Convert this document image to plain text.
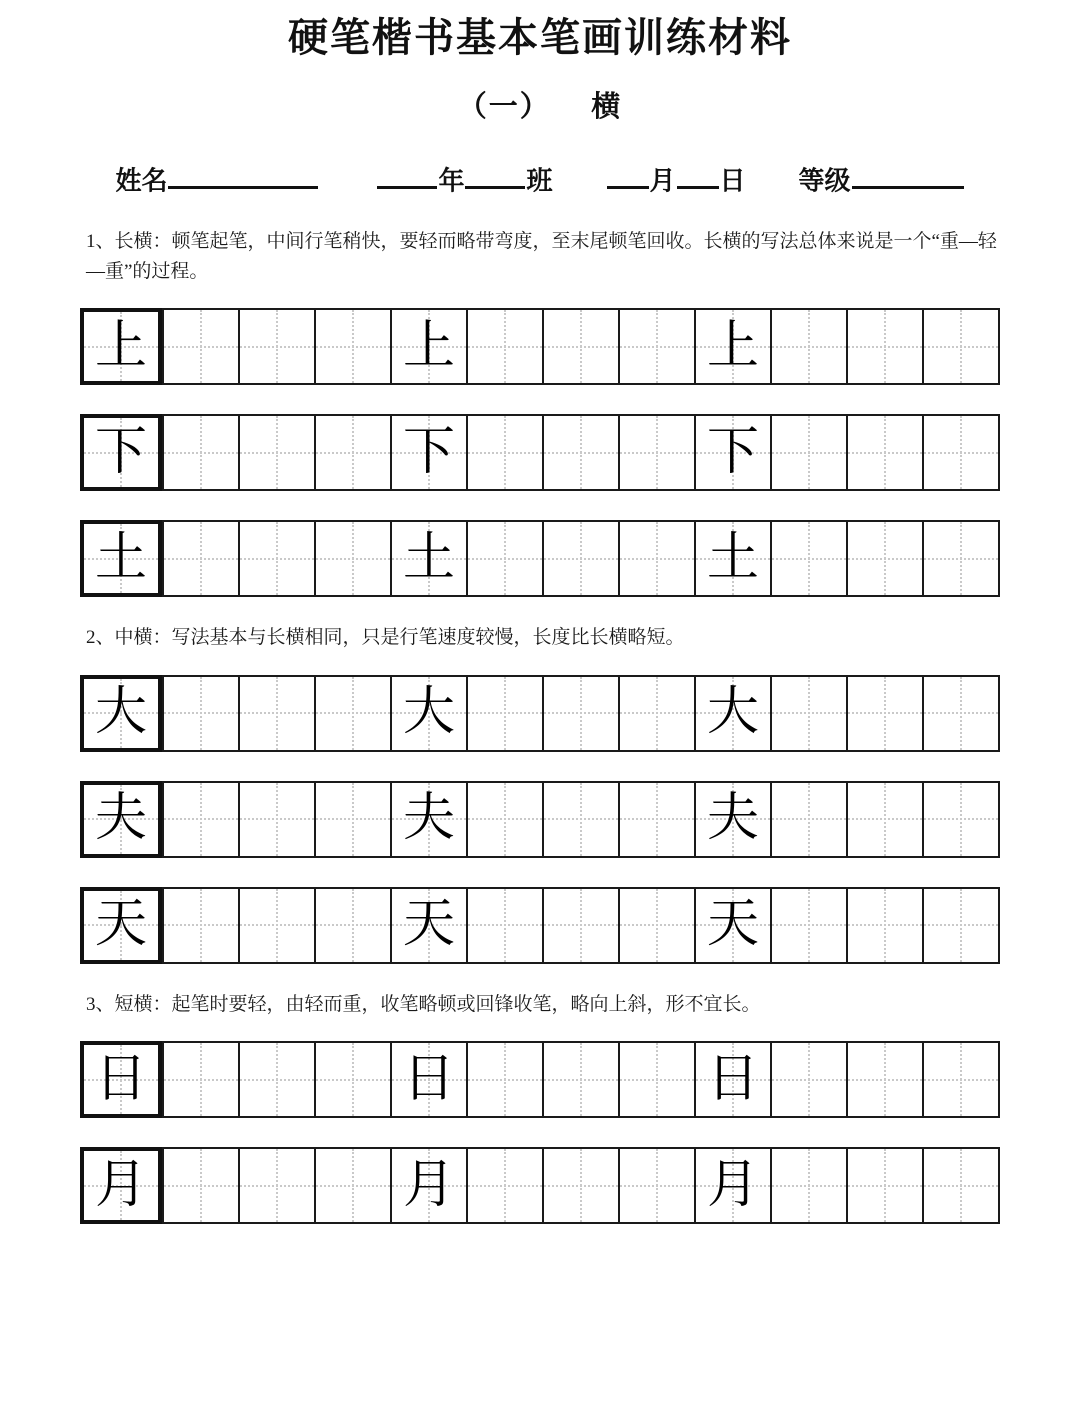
硬笔楷书基本笔画训练材料
（一） 横
姓名	年 班	月 日 等级

1、长横：顿笔起笔，中间行笔稍快，要轻而略带弯度，至末尾顿笔回收。长横的写法总体来说是一个“重—轻—重”的过程。

上	上	上
下	下	下
土	土	土

2、中横：写法基本与长横相同，只是行笔速度较慢，长度比长横略短。

大	大	大
夫	夫	夫
天	天	天

3、短横：起笔时要轻，由轻而重，收笔略顿或回锋收笔，略向上斜，形不宜长。

日	日	日
月	月	月
